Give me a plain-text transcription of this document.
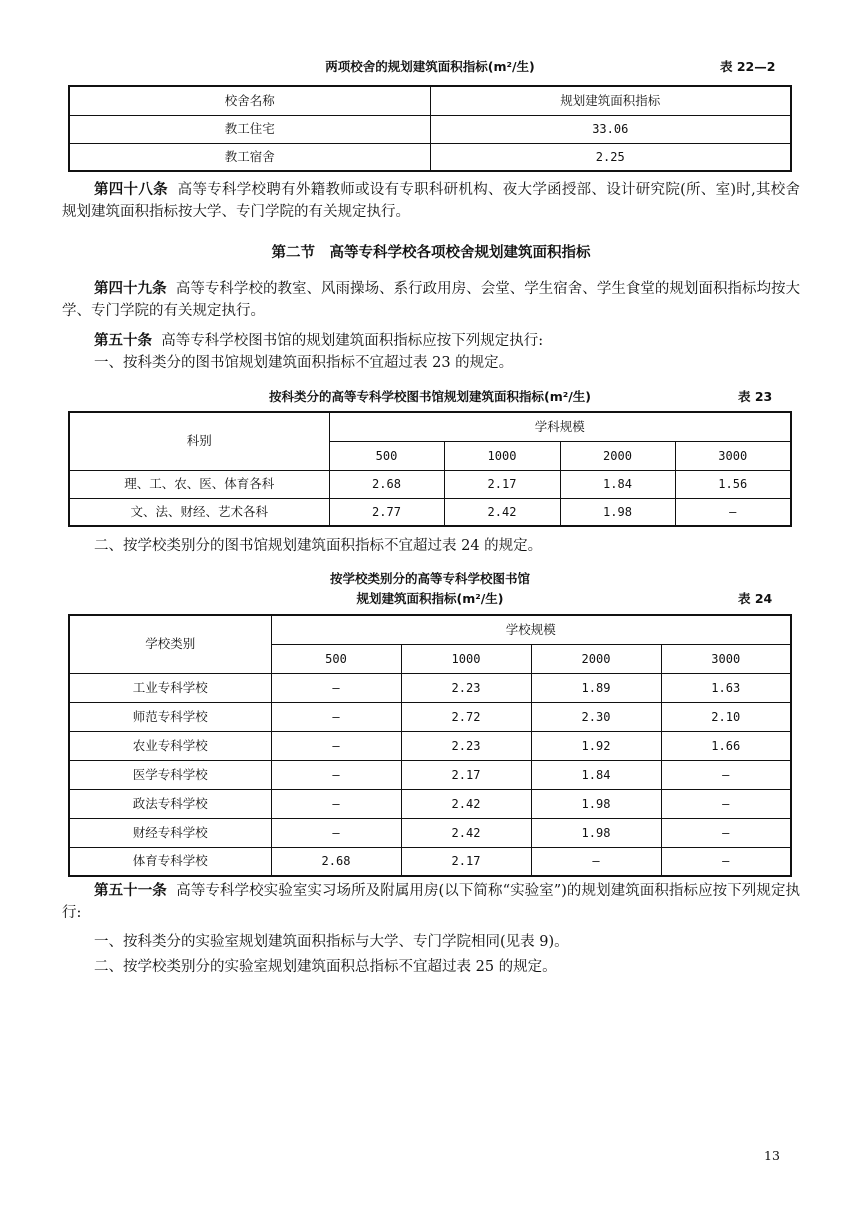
两项校舍的规划建筑面积指标(m²/生)	表 22—2
校舍名称	规划建筑面积指标
教工住宅	33.06
教工宿舍	2.25
第四十八条 高等专科学校聘有外籍教师或设有专职科研机构、夜大学函授部、设计研究院(所、室)时,其校舍规划建筑面积指标按大学、专门学院的有关规定执行。
第二节　高等专科学校各项校舍规划建筑面积指标
第四十九条 高等专科学校的教室、风雨操场、系行政用房、会堂、学生宿舍、学生食堂的规划面积指标均按大学、专门学院的有关规定执行。
第五十条 高等专科学校图书馆的规划建筑面积指标应按下列规定执行:
一、按科类分的图书馆规划建筑面积指标不宜超过表 23 的规定。
按科类分的高等专科学校图书馆规划建筑面积指标(m²/生)	表 23
科别	学科规模			
	500	1000	2000	3000
理、工、农、医、体育各科	2.68	2.17	1.84	1.56
文、法、财经、艺术各科	2.77	2.42	1.98	—
二、按学校类别分的图书馆规划建筑面积指标不宜超过表 24 的规定。
按学校类别分的高等专科学校图书馆
规划建筑面积指标(m²/生)	表 24
学校类别	学校规模			
	500	1000	2000	3000
工业专科学校	—	2.23	1.89	1.63
师范专科学校	—	2.72	2.30	2.10
农业专科学校	—	2.23	1.92	1.66
医学专科学校	—	2.17	1.84	—
政法专科学校	—	2.42	1.98	—
财经专科学校	—	2.42	1.98	—
体育专科学校	2.68	2.17	—	—
第五十一条 高等专科学校实验室实习场所及附属用房(以下简称“实验室”)的规划建筑面积指标应按下列规定执行:
一、按科类分的实验室规划建筑面积指标与大学、专门学院相同(见表 9)。
二、按学校类别分的实验室规划建筑面积总指标不宜超过表 25 的规定。
13
